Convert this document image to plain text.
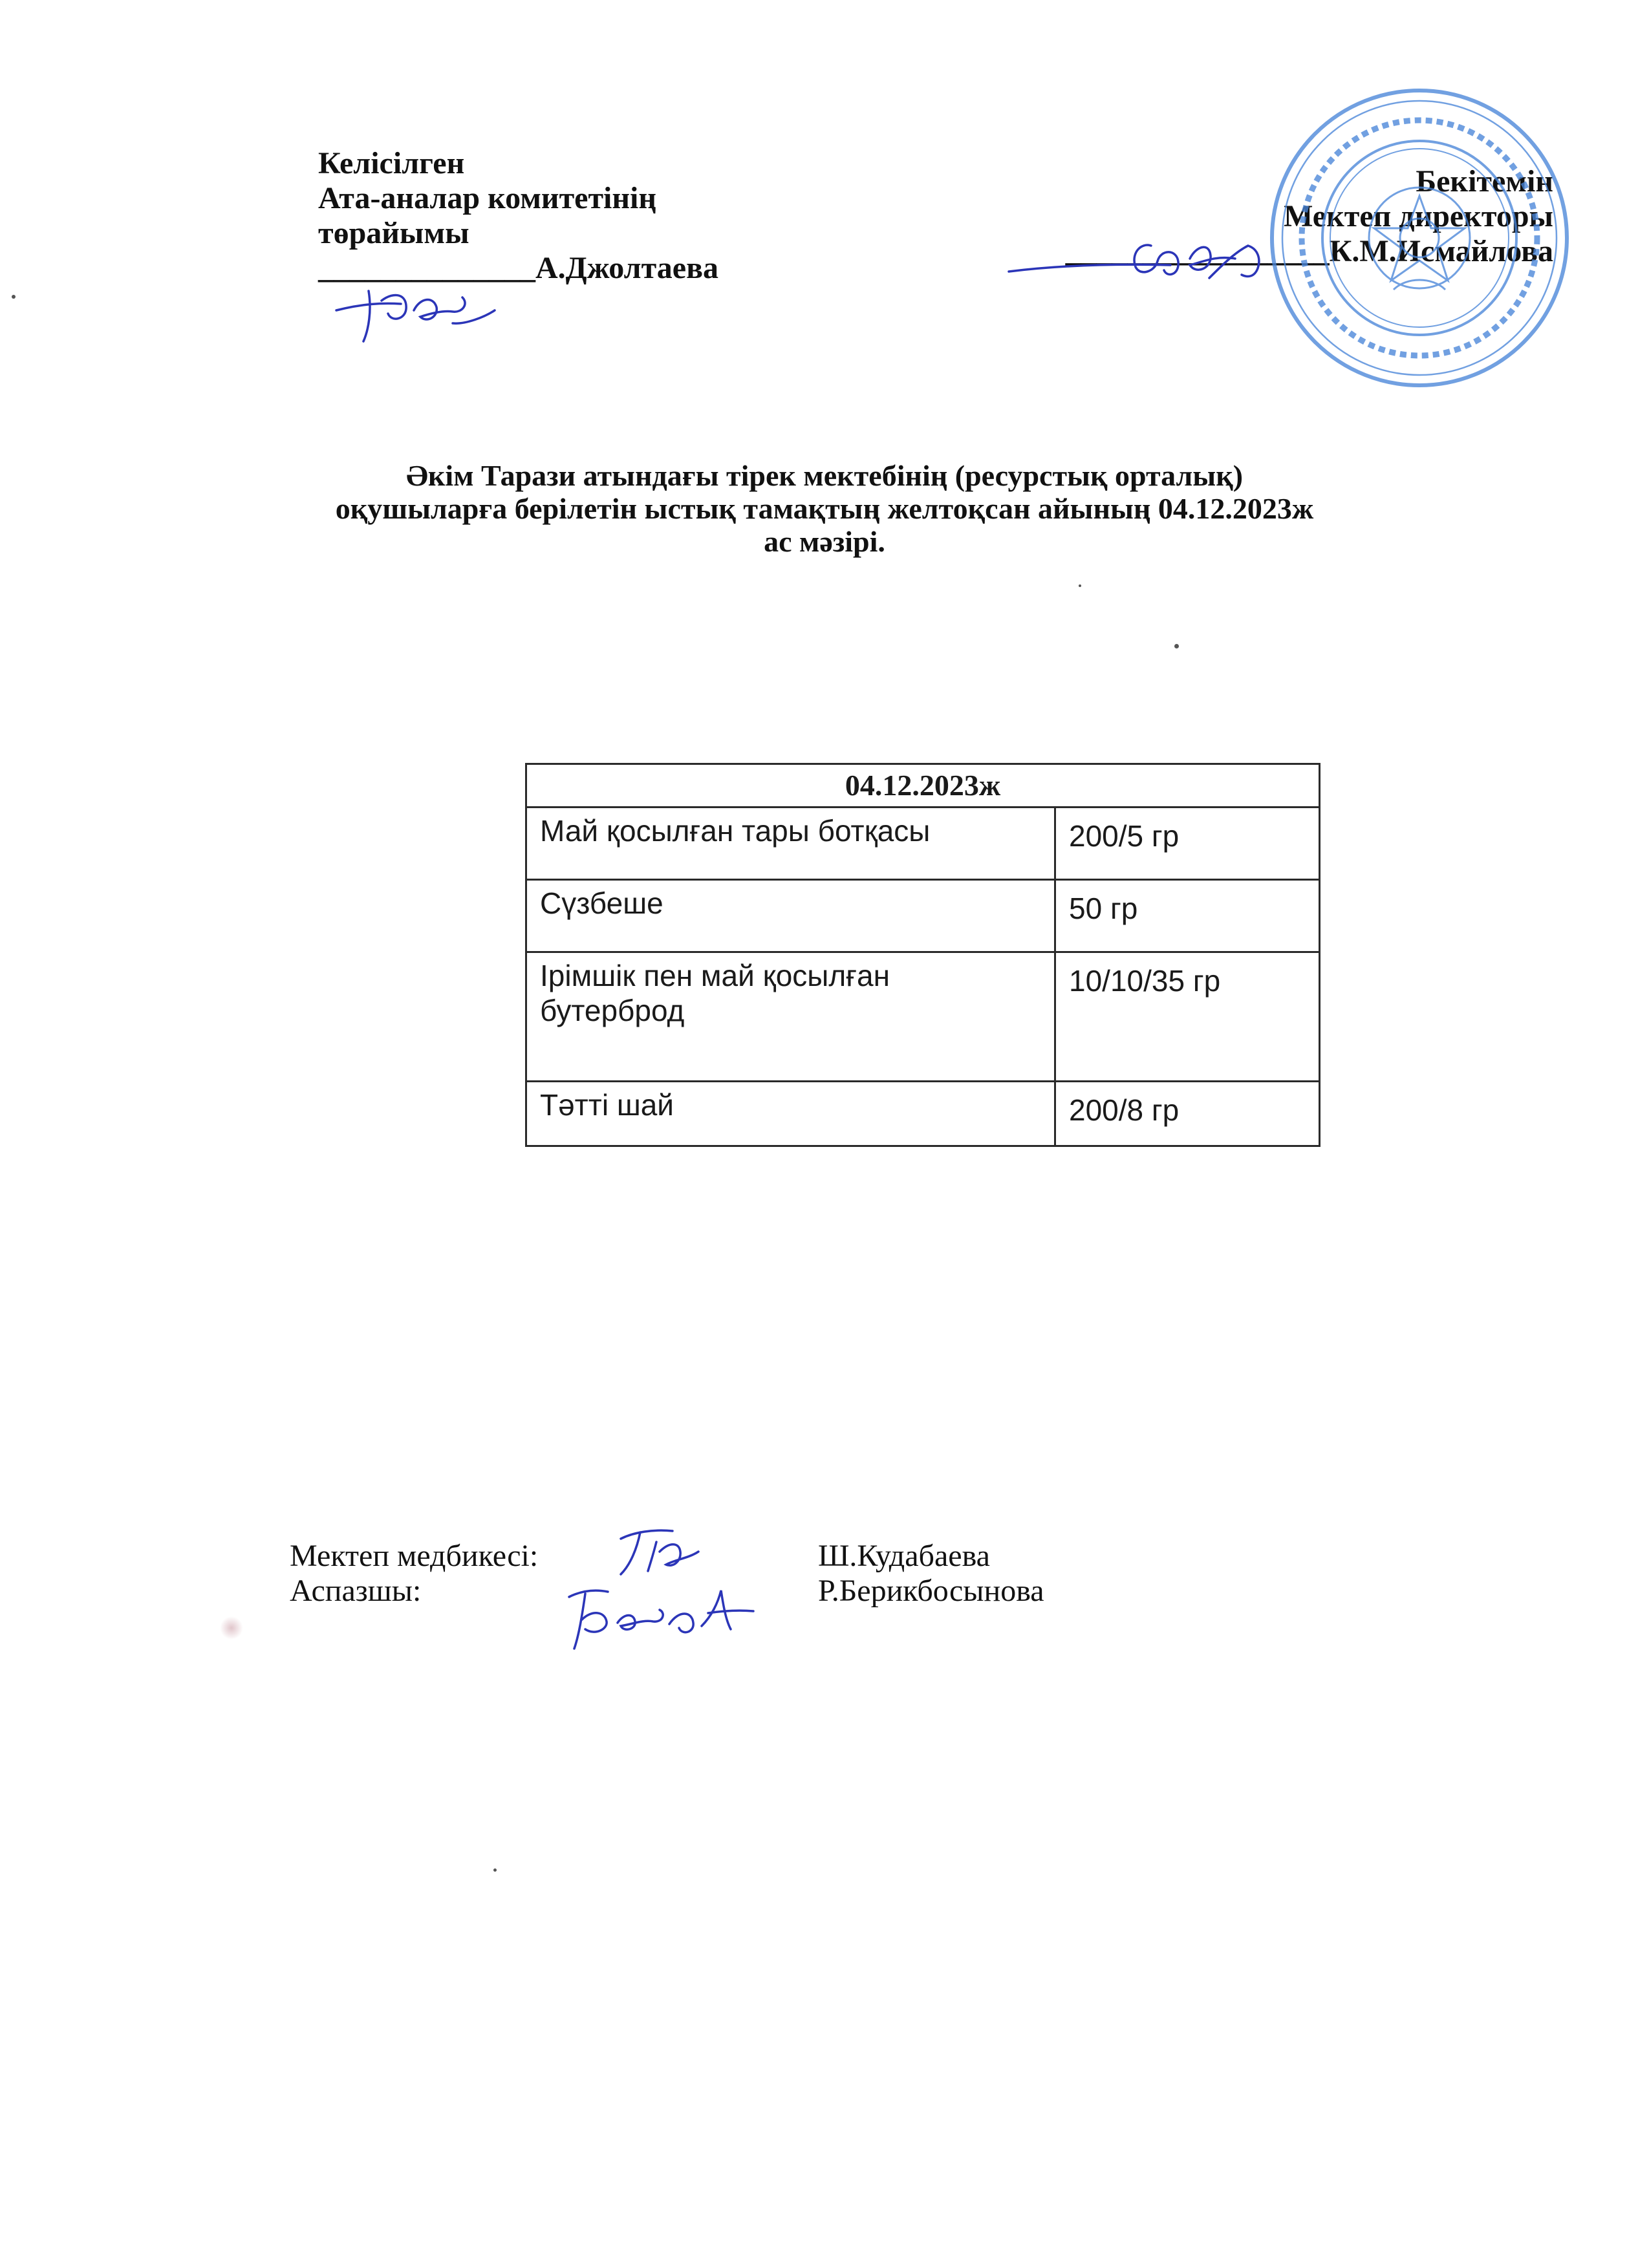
Келісілген
Ата-аналар комитетінің
төрайымы
______________А.Джолтаева
Бекітемін
Мектеп директоры
_________________К.М.Исмайлова
Әкім Тарази атындағы тірек мектебінің (ресурстық орталық)
оқушыларға берілетін ыстық тамақтың желтоқсан айының 04.12.2023ж
ас мәзірі.
04.12.2023ж	
Май қосылған тары ботқасы	200/5 гр
Сүзбеше	50 гр
Ірімшік пен май қосылған бутерброд	10/10/35 гр
Тәтті шай	200/8 гр
Мектеп медбикесі:	Ш.Кудабаева
Аспазшы:	Р.Берикбосынова
